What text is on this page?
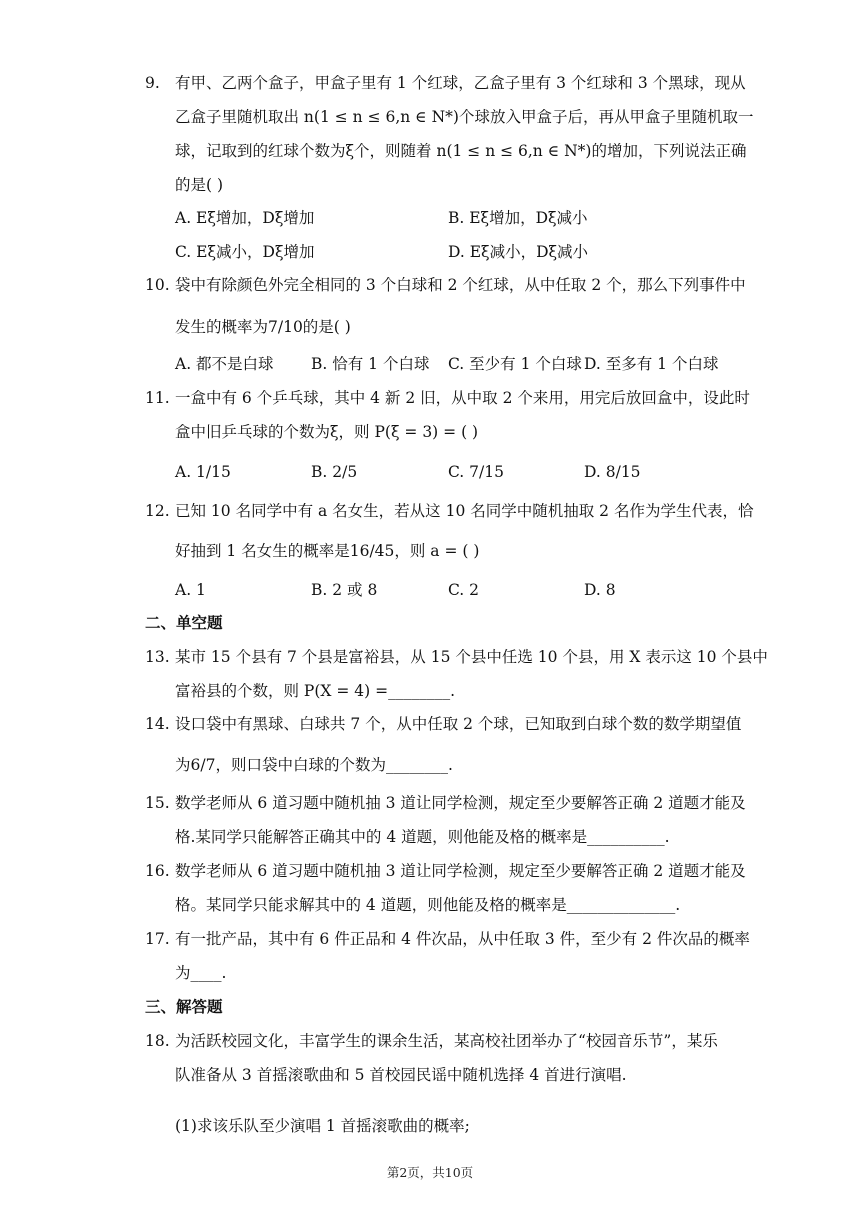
9. 有甲、乙两个盒子，甲盒子里有 1 个红球，乙盒子里有 3 个红球和 3 个黑球，现从
乙盒子里随机取出 n(1 ≤ n ≤ 6,n ∈ N*)个球放入甲盒子后，再从甲盒子里随机取一
球，记取到的红球个数为ξ个，则随着 n(1 ≤ n ≤ 6,n ∈ N*)的增加，下列说法正确
的是( )
A. Eξ增加，Dξ增加	B. Eξ增加，Dξ减小
C. Eξ减小，Dξ增加	D. Eξ减小，Dξ减小
10. 袋中有除颜色外完全相同的 3 个白球和 2 个红球，从中任取 2 个，那么下列事件中
发生的概率为7/10的是( )
A. 都不是白球 B. 恰有 1 个白球 C. 至少有 1 个白球 D. 至多有 1 个白球
11. 一盒中有 6 个乒乓球，其中 4 新 2 旧，从中取 2 个来用，用完后放回盒中，设此时
盒中旧乒乓球的个数为ξ，则 P(ξ = 3) = ( )
A. 1/15	B. 2/5	C. 7/15	D. 8/15
12. 已知 10 名同学中有 a 名女生，若从这 10 名同学中随机抽取 2 名作为学生代表，恰
好抽到 1 名女生的概率是16/45，则 a = ( )
A. 1	B. 2 或 8	C. 2	D. 8
二、单空题
13. 某市 15 个县有 7 个县是富裕县，从 15 个县中任选 10 个县，用 X 表示这 10 个县中
富裕县的个数，则 P(X = 4) =________.
14. 设口袋中有黑球、白球共 7 个，从中任取 2 个球，已知取到白球个数的数学期望值
为6/7，则口袋中白球的个数为________.
15. 数学老师从 6 道习题中随机抽 3 道让同学检测，规定至少要解答正确 2 道题才能及
格.某同学只能解答正确其中的 4 道题，则他能及格的概率是__________.
16. 数学老师从 6 道习题中随机抽 3 道让同学检测，规定至少要解答正确 2 道题才能及
格。某同学只能求解其中的 4 道题，则他能及格的概率是______________.
17. 有一批产品，其中有 6 件正品和 4 件次品，从中任取 3 件，至少有 2 件次品的概率
为____.
三、解答题
18. 为活跃校园文化，丰富学生的课余生活，某高校社团举办了“校园音乐节”，某乐
队准备从 3 首摇滚歌曲和 5 首校园民谣中随机选择 4 首进行演唱.
(1)求该乐队至少演唱 1 首摇滚歌曲的概率;
第2页，共10页
